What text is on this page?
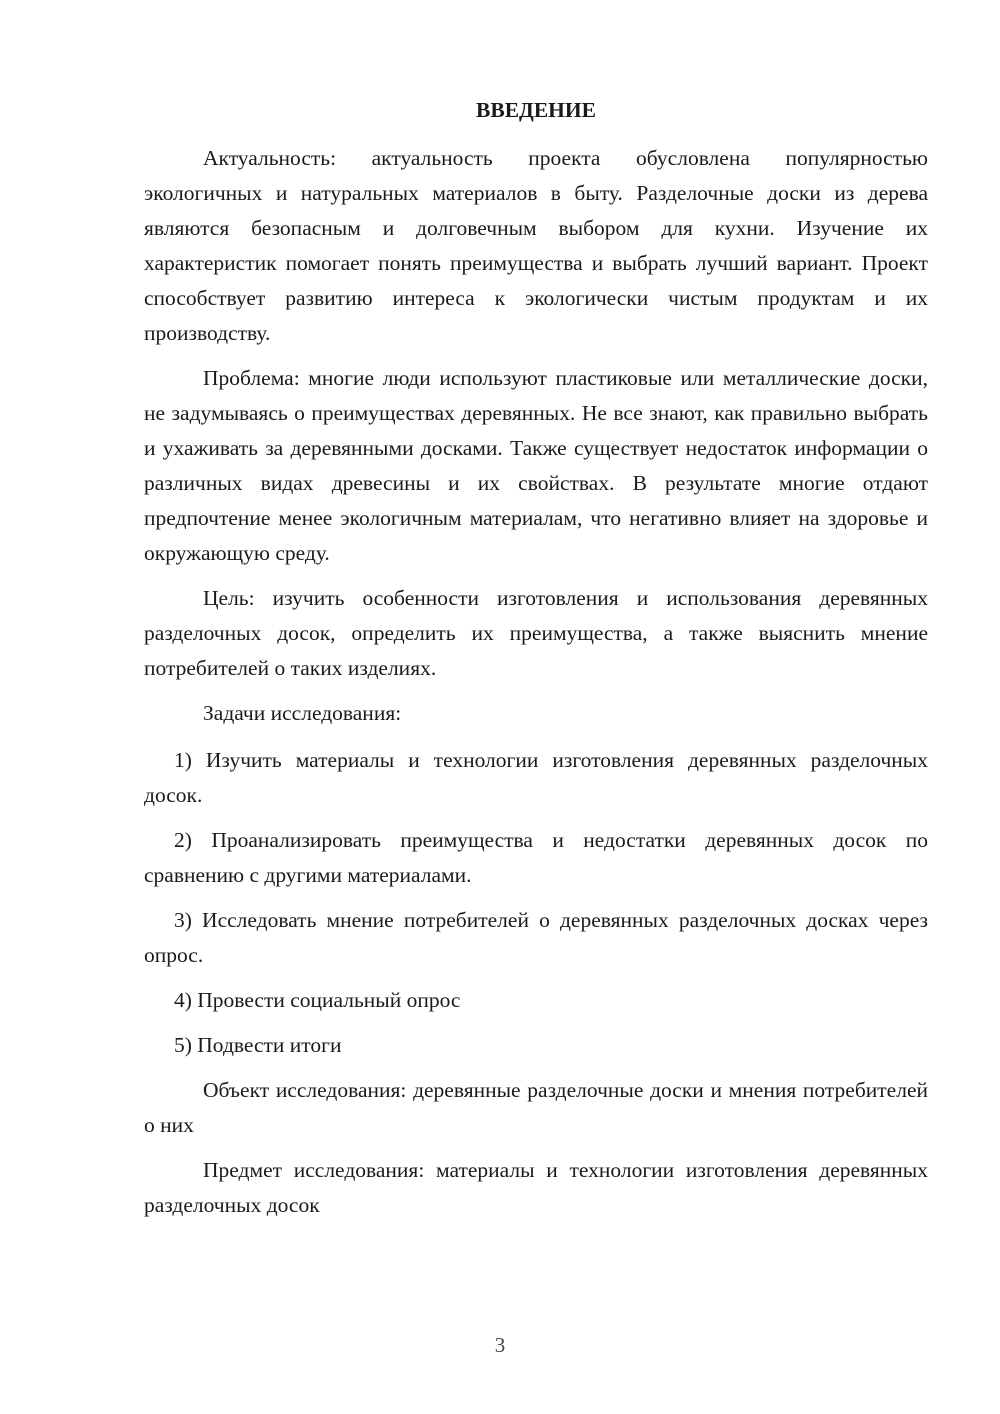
ВВЕДЕНИЕ

Актуальность: актуальность проекта обусловлена популярностью экологичных и натуральных материалов в быту. Разделочные доски из дерева являются безопасным и долговечным выбором для кухни. Изучение их характеристик помогает понять преимущества и выбрать лучший вариант. Проект способствует развитию интереса к экологически чистым продуктам и их производству.

Проблема: многие люди используют пластиковые или металлические доски, не задумываясь о преимуществах деревянных. Не все знают, как правильно выбрать и ухаживать за деревянными досками. Также существует недостаток информации о различных видах древесины и их свойствах. В результате многие отдают предпочтение менее экологичным материалам, что негативно влияет на здоровье и окружающую среду.

Цель: изучить особенности изготовления и использования деревянных разделочных досок, определить их преимущества, а также выяснить мнение потребителей о таких изделиях.

Задачи исследования:

1) Изучить материалы и технологии изготовления деревянных разделочных досок.

2) Проанализировать преимущества и недостатки деревянных досок по сравнению с другими материалами.

3) Исследовать мнение потребителей о деревянных разделочных досках через опрос.

4) Провести социальный опрос

5) Подвести итоги

Объект исследования: деревянные разделочные доски и мнения потребителей о них

Предмет исследования: материалы и технологии изготовления деревянных разделочных досок

3
